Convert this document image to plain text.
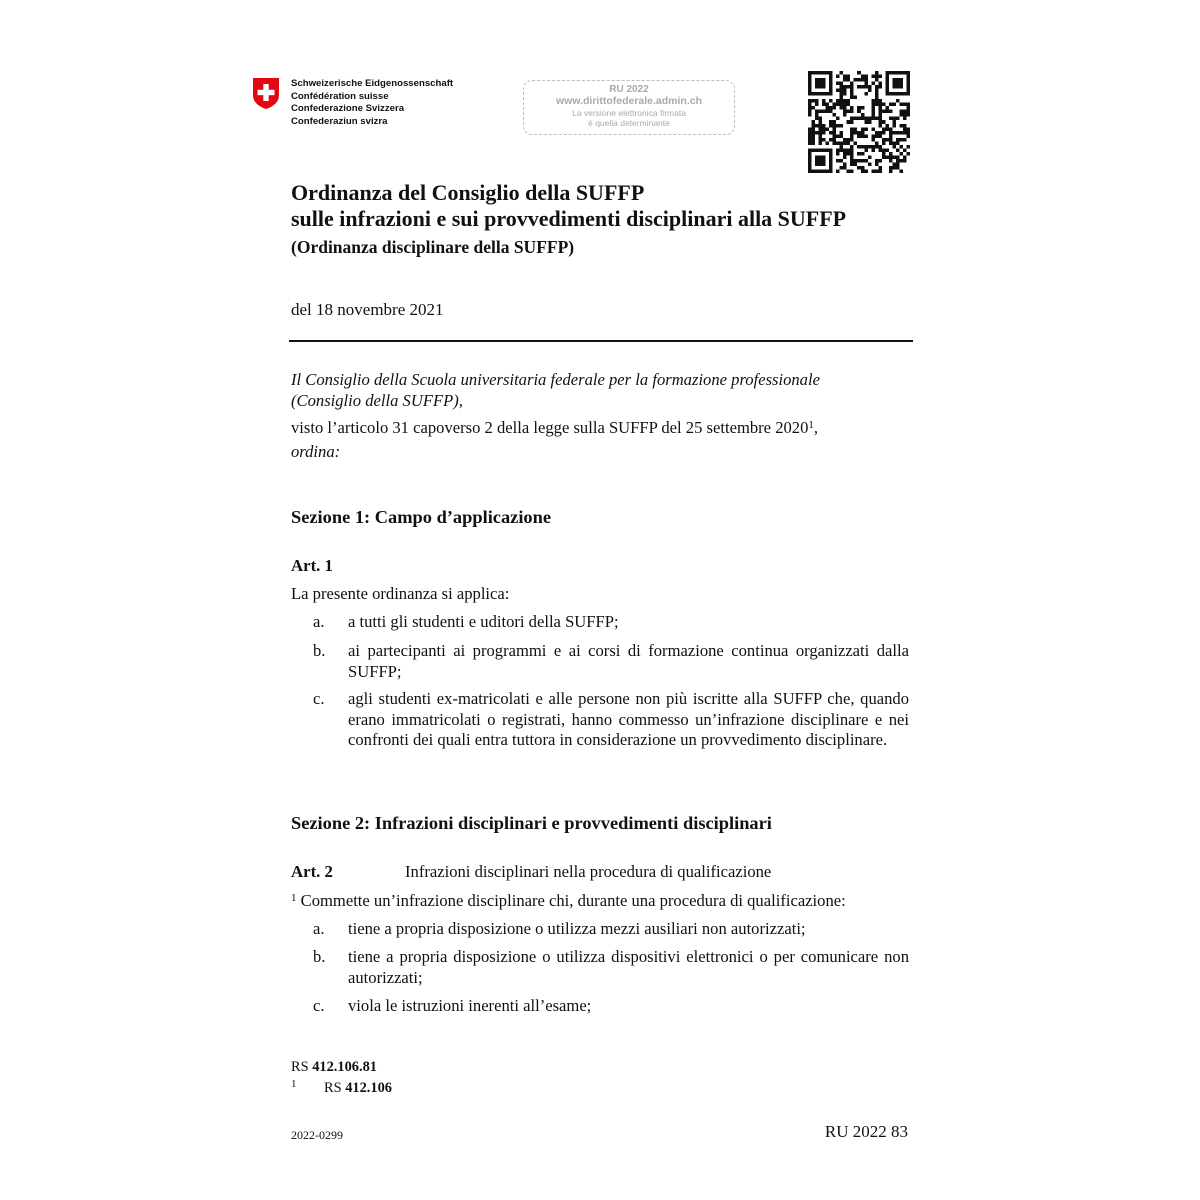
Schweizerische Eidgenossenschaft
Confédération suisse
Confederazione Svizzera
Confederaziun svizra
RU 2022
www.dirittofederale.admin.ch
La versione elettronica firmata
è quella determinante
Ordinanza del Consiglio della SUFFP
sulle infrazioni e sui provvedimenti disciplinari alla SUFFP
(Ordinanza disciplinare della SUFFP)
del 18 novembre 2021
Il Consiglio della Scuola universitaria federale per la formazione professionale
(Consiglio della SUFFP),
visto l’articolo 31 capoverso 2 della legge sulla SUFFP del 25 settembre 2020$^1$,
ordina:
Sezione 1: Campo d’applicazione
Art. 1
La presente ordinanza si applica:
a. a tutti gli studenti e uditori della SUFFP;
b. ai partecipanti ai programmi e ai corsi di formazione continua organizzati dalla SUFFP;
c. agli studenti ex-matricolati e alle persone non più iscritte alla SUFFP che, quando erano immatricolati o registrati, hanno commesso un’infrazione disciplinare e nei confronti dei quali entra tuttora in considerazione un provvedimento disciplinare.
Sezione 2: Infrazioni disciplinari e provvedimenti disciplinari
Art. 2	Infrazioni disciplinari nella procedura di qualificazione
$^1$ Commette un’infrazione disciplinare chi, durante una procedura di qualificazione:
a. tiene a propria disposizione o utilizza mezzi ausiliari non autorizzati;
b. tiene a propria disposizione o utilizza dispositivi elettronici o per comunicare non autorizzati;
c. viola le istruzioni inerenti all’esame;
RS 412.106.81
1 RS 412.106
2022-0299	RU 2022 83
